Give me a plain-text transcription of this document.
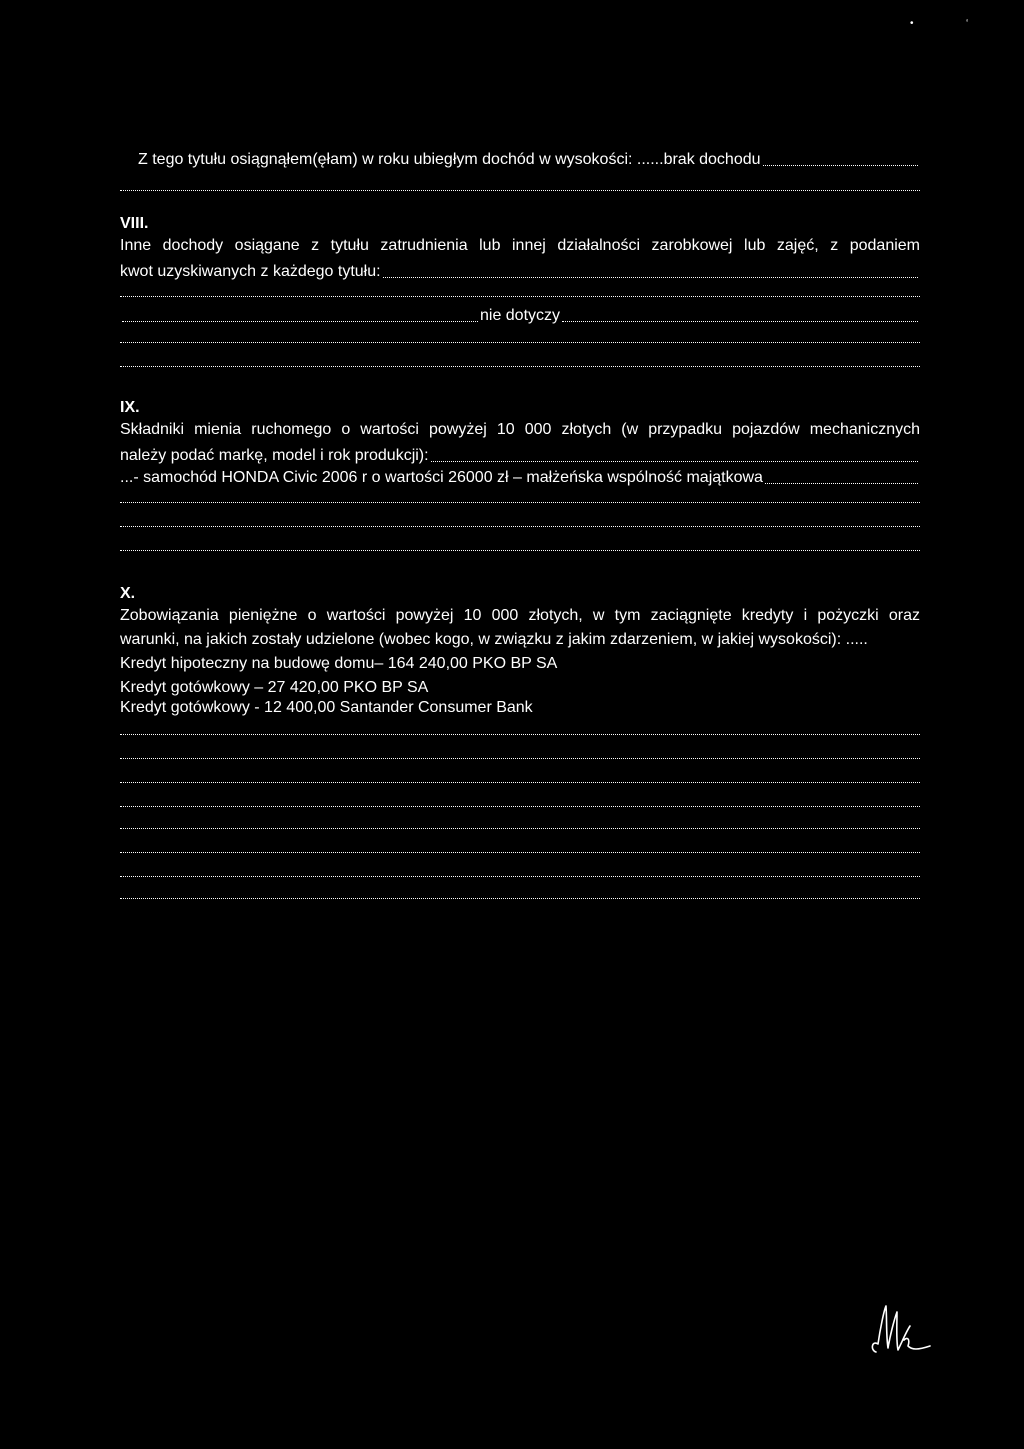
•	‘
Z tego tytułu osiągnąłem(ęłam) w roku ubiegłym dochód w wysokości: ...... brak dochodu
VIII.
Inne dochody osiągane z tytułu zatrudnienia lub innej działalności zarobkowej lub zajęć, z podaniem
kwot uzyskiwanych z każdego tytułu:
nie dotyczy
IX.
Składniki mienia ruchomego o wartości powyżej 10 000 złotych (w przypadku pojazdów mechanicznych
należy podać markę, model i rok produkcji):
...- samochód HONDA Civic 2006 r o wartości 26000 zł – małżeńska wspólność majątkowa
X.
Zobowiązania pieniężne o wartości powyżej 10 000 złotych, w tym zaciągnięte kredyty i pożyczki oraz
warunki, na jakich zostały udzielone (wobec kogo, w związku z jakim zdarzeniem, w jakiej wysokości): .....
Kredyt hipoteczny na budowę domu– 164 240,00 PKO BP SA
Kredyt gotówkowy – 27 420,00 PKO BP SA
Kredyt gotówkowy - 12 400,00 Santander Consumer Bank
